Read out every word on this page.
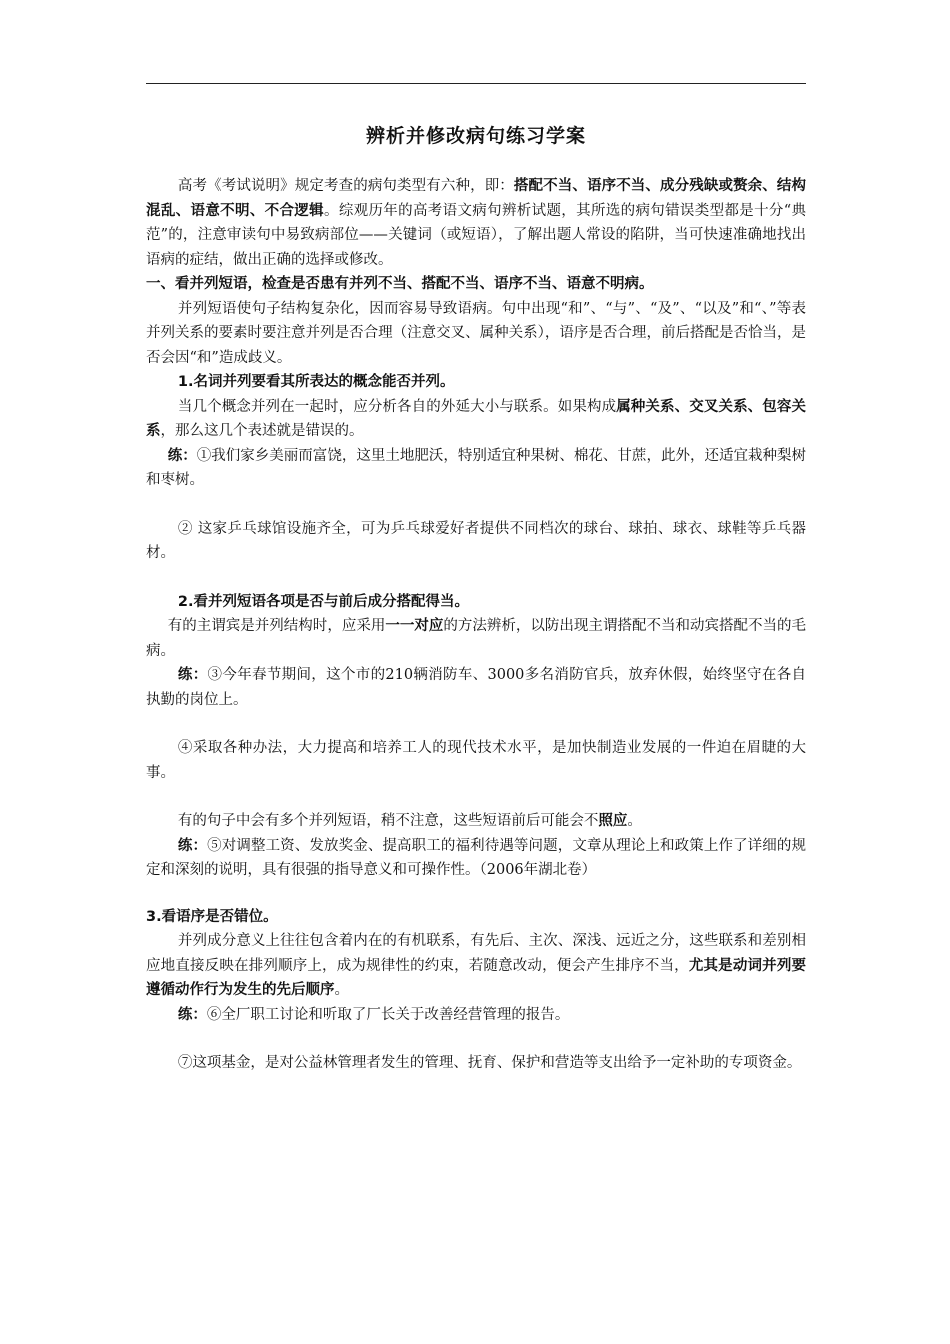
辨析并修改病句练习学案

高考《考试说明》规定考查的病句类型有六种，即：搭配不当、语序不当、成分残缺或赘余、结构混乱、语意不明、不合逻辑。综观历年的高考语文病句辨析试题，其所选的病句错误类型都是十分“典范”的，注意审读句中易致病部位——关键词（或短语），了解出题人常设的陷阱，当可快速准确地找出语病的症结，做出正确的选择或修改。

一、看并列短语，检查是否患有并列不当、搭配不当、语序不当、语意不明病。

并列短语使句子结构复杂化，因而容易导致语病。句中出现“和”、“与”、“及”、“以及”和“、”等表并列关系的要素时要注意并列是否合理（注意交叉、属种关系），语序是否合理，前后搭配是否恰当，是否会因“和”造成歧义。

1.名词并列要看其所表达的概念能否并列。

当几个概念并列在一起时，应分析各自的外延大小与联系。如果构成属种关系、交叉关系、包容关系，那么这几个表述就是错误的。

练：①我们家乡美丽而富饶，这里土地肥沃，特别适宜种果树、棉花、甘蔗，此外，还适宜栽种梨树和枣树。

② 这家乒乓球馆设施齐全，可为乒乓球爱好者提供不同档次的球台、球拍、球衣、球鞋等乒乓器材。

2.看并列短语各项是否与前后成分搭配得当。

有的主谓宾是并列结构时，应采用一一对应的方法辨析，以防出现主谓搭配不当和动宾搭配不当的毛病。

练：③今年春节期间，这个市的210辆消防车、3000多名消防官兵，放弃休假，始终坚守在各自执勤的岗位上。

④采取各种办法，大力提高和培养工人的现代技术水平，是加快制造业发展的一件迫在眉睫的大事。

有的句子中会有多个并列短语，稍不注意，这些短语前后可能会不照应。

练：⑤对调整工资、发放奖金、提高职工的福利待遇等问题，文章从理论上和政策上作了详细的规定和深刻的说明，具有很强的指导意义和可操作性。（2006年湖北卷）

3.看语序是否错位。

并列成分意义上往往包含着内在的有机联系，有先后、主次、深浅、远近之分，这些联系和差别相应地直接反映在排列顺序上，成为规律性的约束，若随意改动，便会产生排序不当，尤其是动词并列要遵循动作行为发生的先后顺序。

练：⑥全厂职工讨论和听取了厂长关于改善经营管理的报告。

⑦这项基金，是对公益林管理者发生的管理、抚育、保护和营造等支出给予一定补助的专项资金。
